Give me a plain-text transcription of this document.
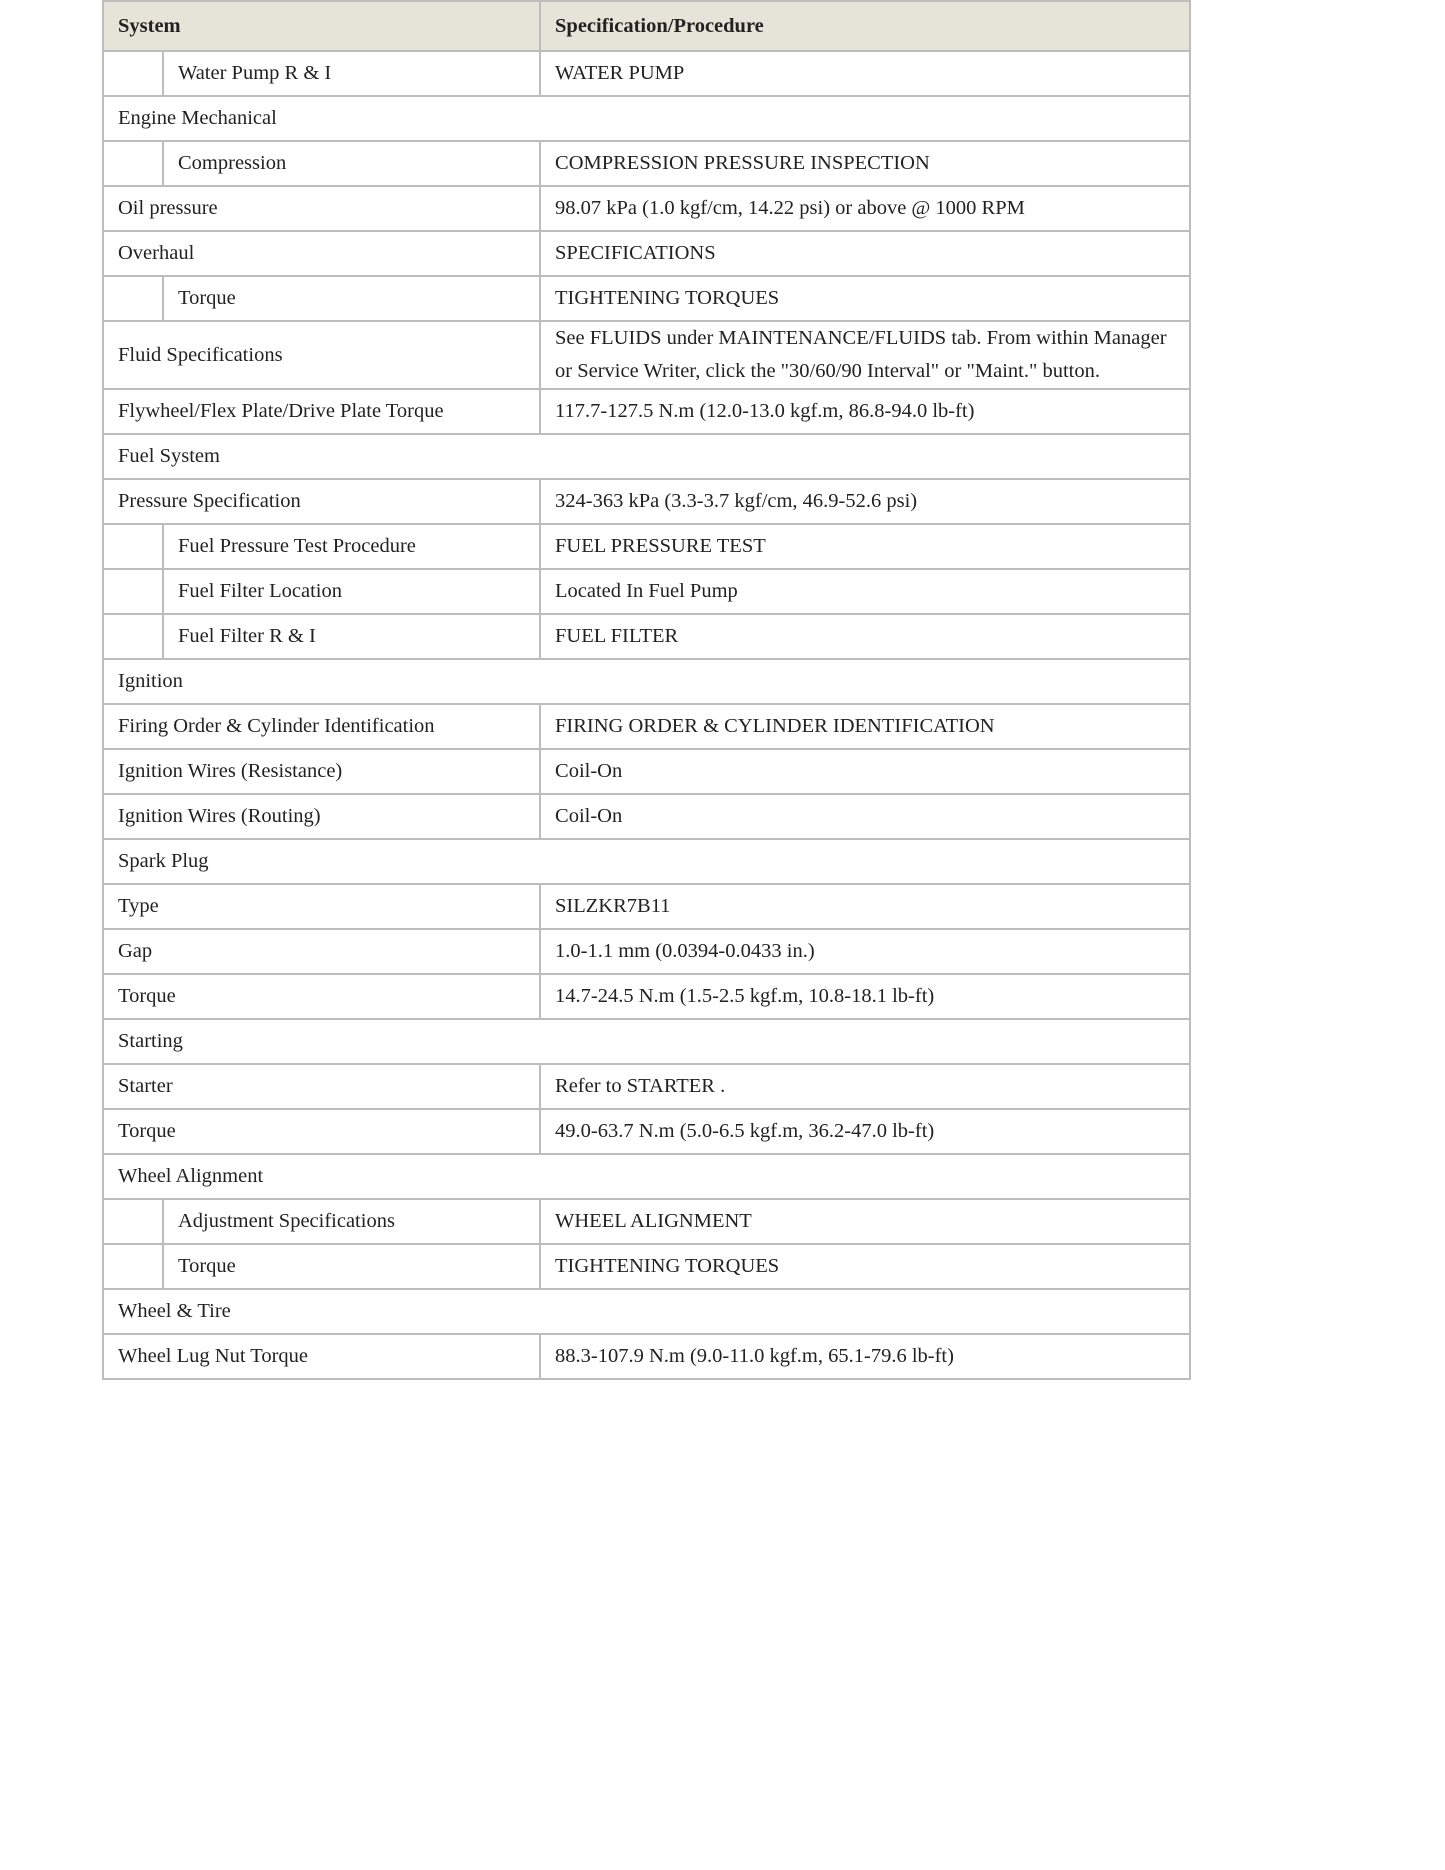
System		Specification/Procedure
	Water Pump R & I	WATER PUMP
Engine Mechanical		
	Compression	COMPRESSION PRESSURE INSPECTION
Oil pressure		98.07 kPa (1.0 kgf/cm, 14.22 psi) or above @ 1000 RPM
Overhaul		SPECIFICATIONS
	Torque	TIGHTENING TORQUES
Fluid Specifications		See FLUIDS under MAINTENANCE/FLUIDS tab. From within Manager or Service Writer, click the "30/60/90 Interval" or "Maint." button.
Flywheel/Flex Plate/Drive Plate Torque		117.7-127.5 N.m (12.0-13.0 kgf.m, 86.8-94.0 lb-ft)
Fuel System		
Pressure Specification		324-363 kPa (3.3-3.7 kgf/cm, 46.9-52.6 psi)
	Fuel Pressure Test Procedure	FUEL PRESSURE TEST
	Fuel Filter Location	Located In Fuel Pump
	Fuel Filter R & I	FUEL FILTER
Ignition		
Firing Order & Cylinder Identification		FIRING ORDER & CYLINDER IDENTIFICATION
Ignition Wires (Resistance)		Coil-On
Ignition Wires (Routing)		Coil-On
Spark Plug		
Type		SILZKR7B11
Gap		1.0-1.1 mm (0.0394-0.0433 in.)
Torque		14.7-24.5 N.m (1.5-2.5 kgf.m, 10.8-18.1 lb-ft)
Starting		
Starter		Refer to STARTER .
Torque		49.0-63.7 N.m (5.0-6.5 kgf.m, 36.2-47.0 lb-ft)
Wheel Alignment		
	Adjustment Specifications	WHEEL ALIGNMENT
	Torque	TIGHTENING TORQUES
Wheel & Tire		
Wheel Lug Nut Torque		88.3-107.9 N.m (9.0-11.0 kgf.m, 65.1-79.6 lb-ft)
